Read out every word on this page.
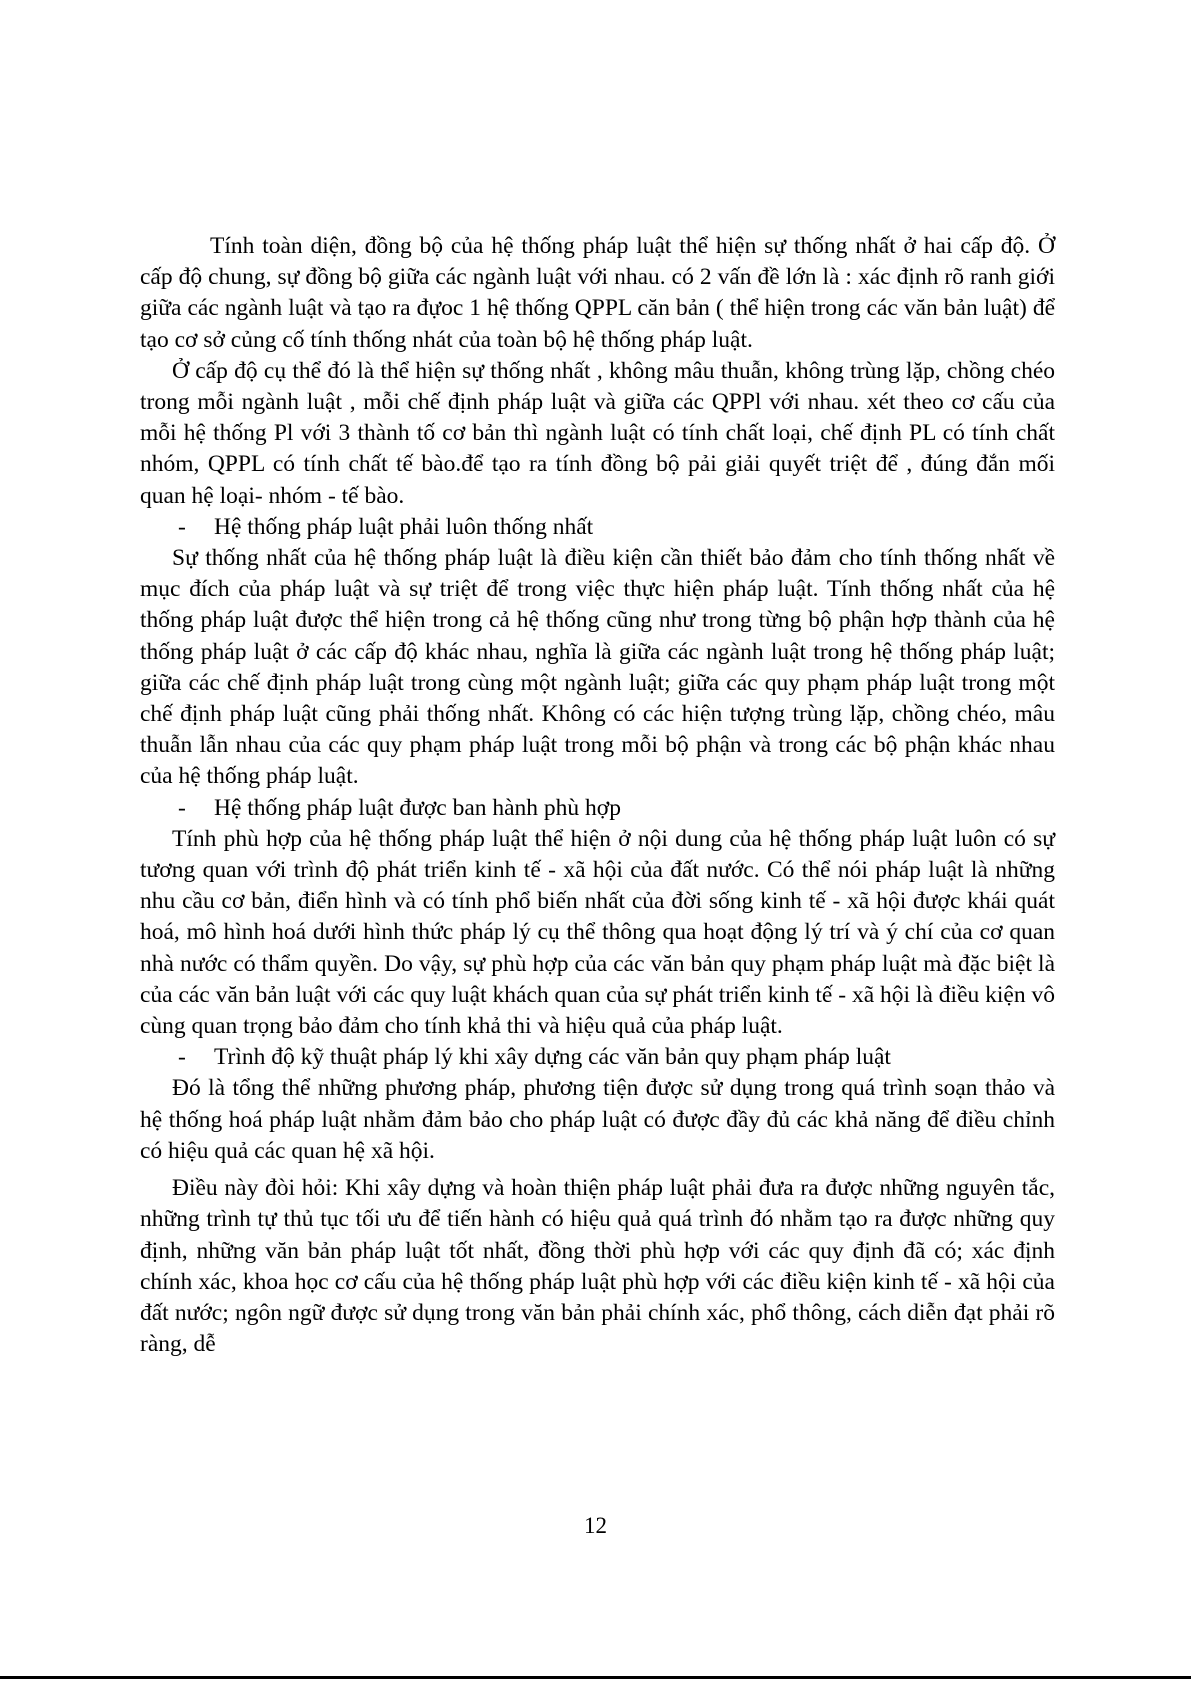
Tính toàn diện, đồng bộ của hệ thống pháp luật thể hiện sự thống nhất ở hai cấp độ. Ở cấp độ chung, sự đồng bộ giữa các ngành luật với nhau. có 2 vấn đề lớn là : xác định rõ ranh giới giữa các ngành luật và tạo ra đựoc 1 hệ thống QPPL căn bản ( thể hiện trong các văn bản luật) để tạo cơ sở củng cố tính thống nhát của toàn bộ hệ thống pháp luật.

Ở cấp độ cụ thể đó là thể hiện sự thống nhất , không mâu thuẫn, không trùng lặp, chồng chéo trong mỗi ngành luật , mỗi chế định pháp luật và giữa các QPPl với nhau. xét theo cơ cấu của mỗi hệ thống Pl với 3 thành tố cơ bản thì ngành luật có tính chất loại, chế định PL có tính chất nhóm, QPPL có tính chất tế bào.để tạo ra tính đồng bộ pải giải quyết triệt để , đúng đắn mối quan hệ loại- nhóm - tế bào.

- Hệ thống pháp luật phải luôn thống nhất

Sự thống nhất của hệ thống pháp luật là điều kiện cần thiết bảo đảm cho tính thống nhất về mục đích của pháp luật và sự triệt để trong việc thực hiện pháp luật. Tính thống nhất của hệ thống pháp luật được thể hiện trong cả hệ thống cũng như trong từng bộ phận hợp thành của hệ thống pháp luật ở các cấp độ khác nhau, nghĩa là giữa các ngành luật trong hệ thống pháp luật; giữa các chế định pháp luật trong cùng một ngành luật; giữa các quy phạm pháp luật trong một chế định pháp luật cũng phải thống nhất. Không có các hiện tượng trùng lặp, chồng chéo, mâu thuẫn lẫn nhau của các quy phạm pháp luật trong mỗi bộ phận và trong các bộ phận khác nhau của hệ thống pháp luật.

- Hệ thống pháp luật được ban hành phù hợp

Tính phù hợp của hệ thống pháp luật thể hiện ở nội dung của hệ thống pháp luật luôn có sự tương quan với trình độ phát triển kinh tế - xã hội của đất nước. Có thể nói pháp luật là những nhu cầu cơ bản, điển hình và có tính phổ biến nhất của đời sống kinh tế - xã hội được khái quát hoá, mô hình hoá dưới hình thức pháp lý cụ thể thông qua hoạt động lý trí và ý chí của cơ quan nhà nước có thẩm quyền. Do vậy, sự phù hợp của các văn bản quy phạm pháp luật mà đặc biệt là của các văn bản luật với các quy luật khách quan của sự phát triển kinh tế - xã hội là điều kiện vô cùng quan trọng bảo đảm cho tính khả thi và hiệu quả của pháp luật.

- Trình độ kỹ thuật pháp lý khi xây dựng các văn bản quy phạm pháp luật

Đó là tổng thể những phương pháp, phương tiện được sử dụng trong quá trình soạn thảo và hệ thống hoá pháp luật nhằm đảm bảo cho pháp luật có được đầy đủ các khả năng để điều chỉnh có hiệu quả các quan hệ xã hội.

Điều này đòi hỏi: Khi xây dựng và hoàn thiện pháp luật phải đưa ra được những nguyên tắc, những trình tự thủ tục tối ưu để tiến hành có hiệu quả quá trình đó nhằm tạo ra được những quy định, những văn bản pháp luật tốt nhất, đồng thời phù hợp với các quy định đã có; xác định chính xác, khoa học cơ cấu của hệ thống pháp luật phù hợp với các điều kiện kinh tế - xã hội của đất nước; ngôn ngữ được sử dụng trong văn bản phải chính xác, phổ thông, cách diễn đạt phải rõ ràng, dễ

12
